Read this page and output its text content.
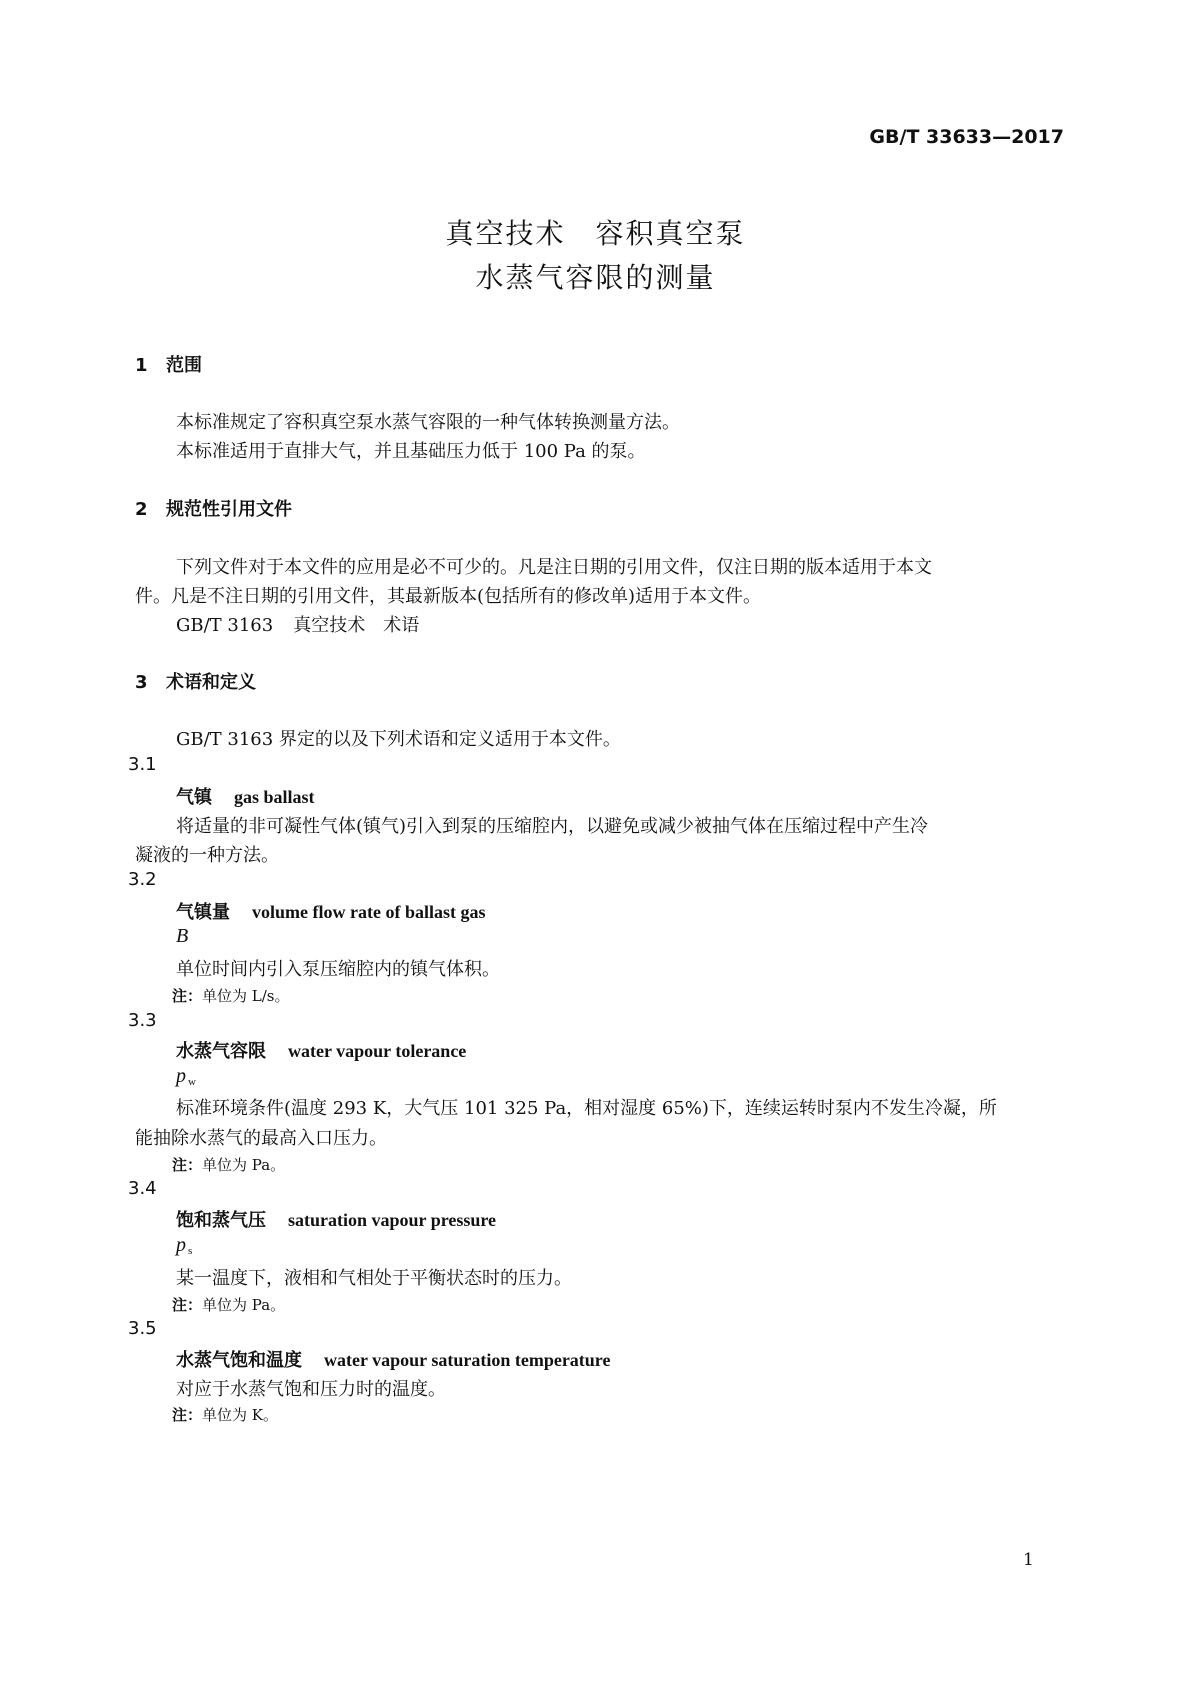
GB/T 33633—2017
真空技术　容积真空泵
水蒸气容限的测量
1 范围
本标准规定了容积真空泵水蒸气容限的一种气体转换测量方法。
本标准适用于直排大气，并且基础压力低于 100 Pa 的泵。
2 规范性引用文件
下列文件对于本文件的应用是必不可少的。凡是注日期的引用文件，仅注日期的版本适用于本文
件。凡是不注日期的引用文件，其最新版本(包括所有的修改单)适用于本文件。
GB/T 3163 真空技术　术语
3 术语和定义
GB/T 3163 界定的以及下列术语和定义适用于本文件。
3.1
气镇 gas ballast
将适量的非可凝性气体(镇气)引入到泵的压缩腔内，以避免或减少被抽气体在压缩过程中产生冷
凝液的一种方法。
3.2
气镇量 volume flow rate of ballast gas
B
单位时间内引入泵压缩腔内的镇气体积。
注：单位为 L/s。
3.3
水蒸气容限 water vapour tolerance
p $_w$
标准环境条件(温度 293 K，大气压 101 325 Pa，相对湿度 65%)下，连续运转时泵内不发生冷凝，所
能抽除水蒸气的最高入口压力。
注：单位为 Pa。
3.4
饱和蒸气压 saturation vapour pressure
p $_s$
某一温度下，液相和气相处于平衡状态时的压力。
注：单位为 Pa。
3.5
水蒸气饱和温度 water vapour saturation temperature
对应于水蒸气饱和压力时的温度。
注：单位为 K。
1
